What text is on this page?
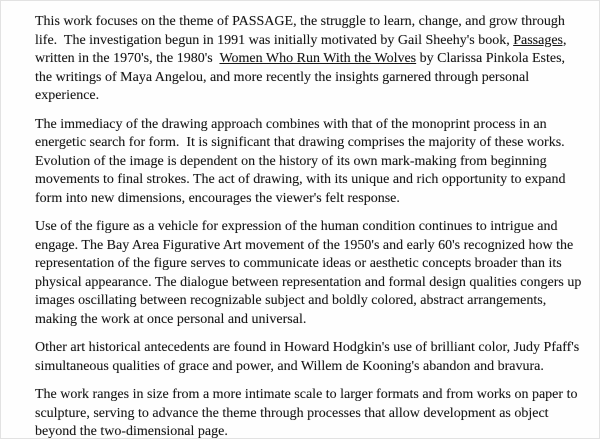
This work focuses on the theme of PASSAGE, the struggle to learn, change, and grow through
life.  The investigation begun in 1991 was initially motivated by Gail Sheehy's book, Passages,
written in the 1970's, the 1980's  Women Who Run With the Wolves by Clarissa Pinkola Estes,
the writings of Maya Angelou, and more recently the insights garnered through personal
experience.

The immediacy of the drawing approach combines with that of the monoprint process in an
energetic search for form.  It is significant that drawing comprises the majority of these works.
Evolution of the image is dependent on the history of its own mark-making from beginning
movements to final strokes. The act of drawing, with its unique and rich opportunity to expand
form into new dimensions, encourages the viewer's felt response.

Use of the figure as a vehicle for expression of the human condition continues to intrigue and
engage. The Bay Area Figurative Art movement of the 1950's and early 60's recognized how the
representation of the figure serves to communicate ideas or aesthetic concepts broader than its
physical appearance. The dialogue between representation and formal design qualities congers up
images oscillating between recognizable subject and boldly colored, abstract arrangements,
making the work at once personal and universal.

Other art historical antecedents are found in Howard Hodgkin's use of brilliant color, Judy Pfaff's
simultaneous qualities of grace and power, and Willem de Kooning's abandon and bravura.

The work ranges in size from a more intimate scale to larger formats and from works on paper to
sculpture, serving to advance the theme through processes that allow development as object
beyond the two-dimensional page.
